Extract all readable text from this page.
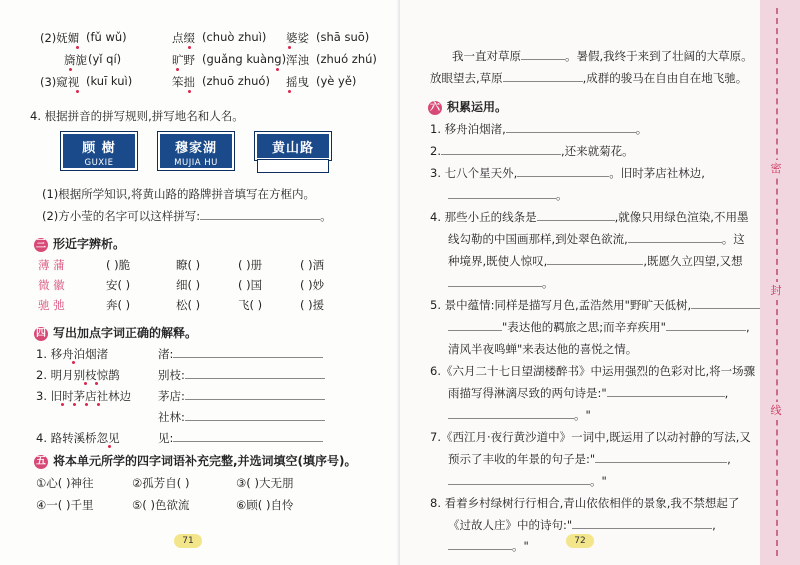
(2)妩媚 (fǔ wǔ)	点缀 (chuò zhuì) 婆娑 (shā suō)
旖旎 (yǐ qí)	旷野 (guǎng kuàng) 浑浊 (zhuó zhú)
(3)窥视 (kuī kuì)	笨拙 (zhuō zhuó) 摇曳 (yè yě)
4. 根据拼音的拼写规则,拼写地名和人名。
顾 樹
GUXIE
穆家湖
MUJIA HU
黄山路
(1)根据所学知识,将黄山路的路牌拼音填写在方框内。
(2)方小莹的名字可以这样拼写:	。
三 形近字辨析。
薄 蒲	( )脆	瞭( )	( )册	( )酒
微 徽	安( )	细( )	( )国	( )妙
驰 弛	奔( )	松( )	飞( )	( )援
四 写出加点字词正确的解释。
1. 移舟泊烟渚	渚:
2. 明月别枝惊鹊	别枝:
3. 旧时茅店社林边 茅店:
社林:
4. 路转溪桥忽见	见:
五 将本单元所学的四字词语补充完整,并选词填空(填序号)。
①心( )神往	②孤芳自( )	③( )大无朋
④一( )千里	⑤( )色欲流	⑥顾( )自怜
71
我一直对草原	。暑假,我终于来到了壮阔的大草原。
放眼望去,草原	,成群的骏马在自由自在地飞驰。
六 积累运用。
1. 移舟泊烟渚,	。
2.	,还来就菊花。
3. 七八个星天外,	。旧时茅店社林边,
。
4. 那些小丘的线条是	,就像只用绿色渲染,不用墨
线勾勒的中国画那样,到处翠色欲流,	。这
种境界,既使人惊叹,	,既愿久立四望,又想
。
5. 景中蕴情:同样是描写月色,孟浩然用"野旷天低树,
"表达他的羁旅之思;而辛弃疾用"	,
清风半夜鸣蝉"来表达他的喜悦之情。
6.《六月二十七日望湖楼醉书》中运用强烈的色彩对比,将一场骤
雨描写得淋漓尽致的两句诗是:"	,
。"
7.《西江月·夜行黄沙道中》一词中,既运用了以动衬静的写法,又
预示了丰收的年景的句子是:"	,
。"
8. 看着乡村绿树行行相合,青山依依相伴的景象,我不禁想起了
《过故人庄》中的诗句:"	,
。"	72
密
封
线
